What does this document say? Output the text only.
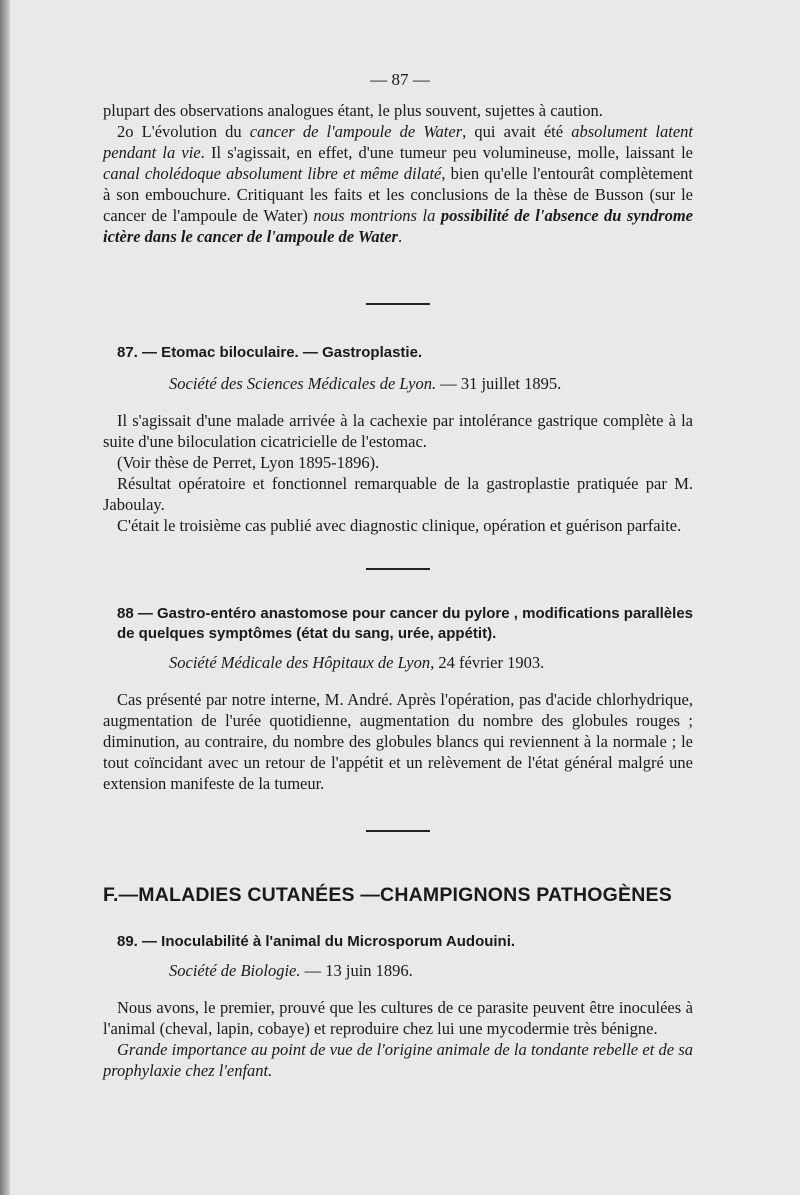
— 87 —

plupart des observations analogues étant, le plus souvent, sujettes à caution.

2o L'évolution du cancer de l'ampoule de Water, qui avait été absolument latent pendant la vie. Il s'agissait, en effet, d'une tumeur peu volumineuse, molle, laissant le canal cholédoque absolument libre et même dilaté, bien qu'elle l'entourât complètement à son embouchure. Critiquant les faits et les conclusions de la thèse de Busson (sur le cancer de l'ampoule de Water) nous montrions la possibilité de l'absence du syndrome ictère dans le cancer de l'ampoule de Water.

87. — Etomac biloculaire. — Gastroplastie.
Société des Sciences Médicales de Lyon. — 31 juillet 1895.

Il s'agissait d'une malade arrivée à la cachexie par intolérance gastrique complète à la suite d'une biloculation cicatricielle de l'estomac.

(Voir thèse de Perret, Lyon 1895-1896).

Résultat opératoire et fonctionnel remarquable de la gastroplastie pratiquée par M. Jaboulay.

C'était le troisième cas publié avec diagnostic clinique, opération et guérison parfaite.

88 — Gastro-entéro anastomose pour cancer du pylore , modifications parallèles de quelques symptômes (état du sang, urée, appétit).
Société Médicale des Hôpitaux de Lyon, 24 février 1903.

Cas présenté par notre interne, M. André. Après l'opération, pas d'acide chlorhydrique, augmentation de l'urée quotidienne, augmentation du nombre des globules rouges ; diminution, au contraire, du nombre des globules blancs qui reviennent à la normale ; le tout coïncidant avec un retour de l'appétit et un relèvement de l'état général malgré une extension manifeste de la tumeur.

F.—MALADIES CUTANÉES —CHAMPIGNONS PATHOGÈNES
89. — Inoculabilité à l'animal du Microsporum Audouini.
Société de Biologie. — 13 juin 1896.

Nous avons, le premier, prouvé que les cultures de ce parasite peuvent être inoculées à l'animal (cheval, lapin, cobaye) et reproduire chez lui une mycodermie très bénigne.

Grande importance au point de vue de l'origine animale de la tondante rebelle et de sa prophylaxie chez l'enfant.
